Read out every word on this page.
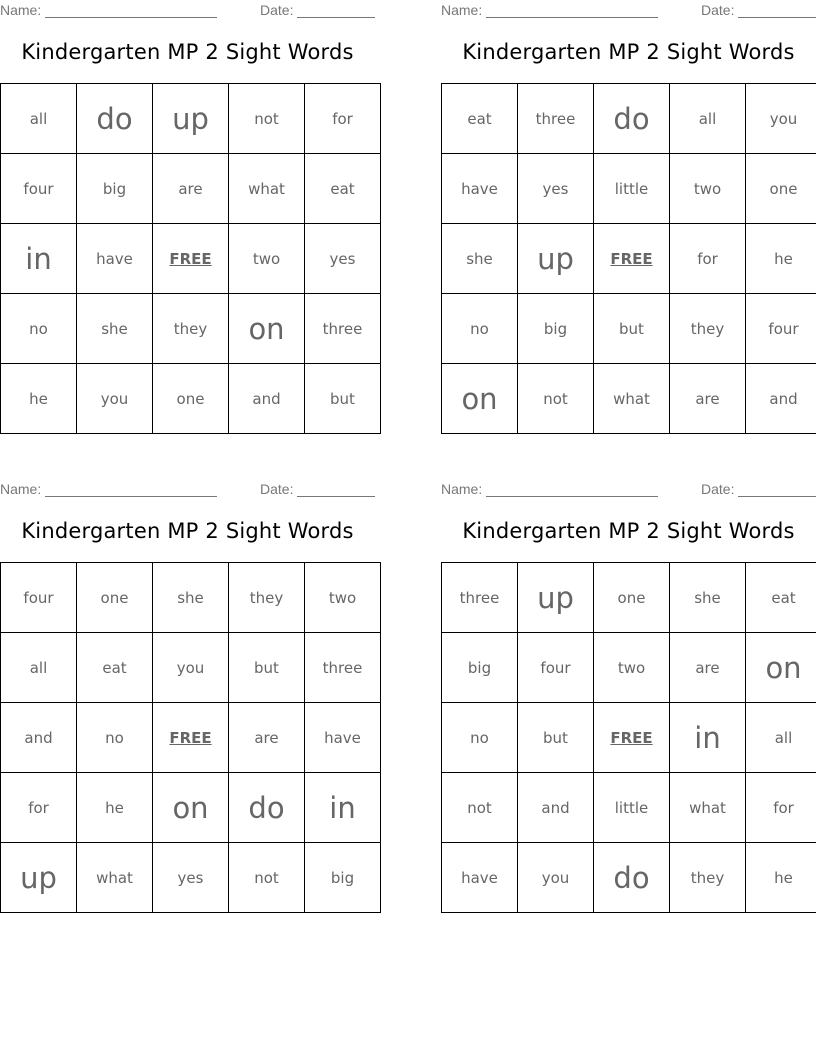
Name:	Date:
Kindergarten MP 2 Sight Words
all	do	up	not	for
four	big	are	what	eat
in	have	FREE	two	yes
no	she	they	on	three
he	you	one	and	but
Name:	Date:
Kindergarten MP 2 Sight Words
eat	three	do	all	you
have	yes	little	two	one
she	up	FREE	for	he
no	big	but	they	four
on	not	what	are	and
Name:	Date:
Kindergarten MP 2 Sight Words
four	one	she	they	two
all	eat	you	but	three
and	no	FREE	are	have
for	he	on	do	in
up	what	yes	not	big
Name:	Date:
Kindergarten MP 2 Sight Words
three	up	one	she	eat
big	four	two	are	on
no	but	FREE	in	all
not	and	little	what	for
have	you	do	they	he
